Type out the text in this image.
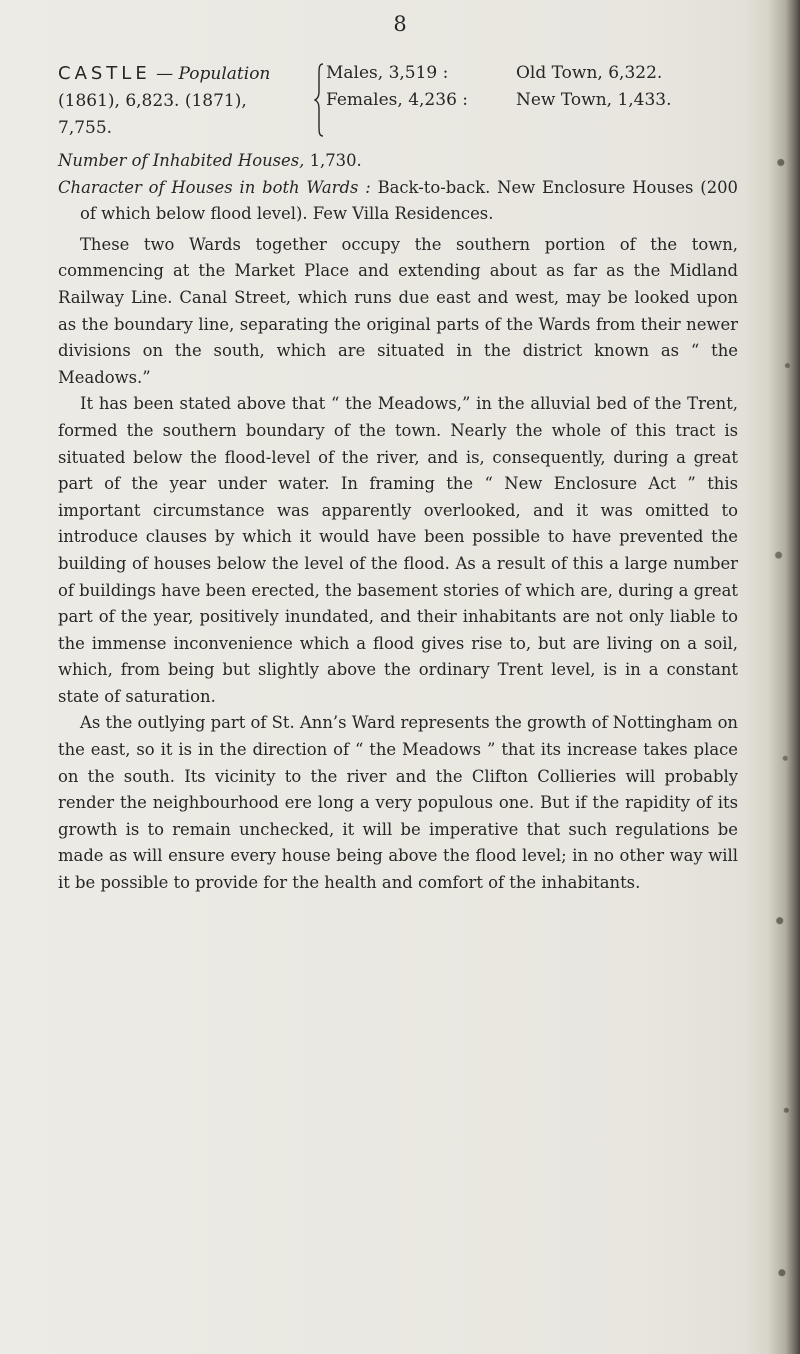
8
CASTLE — Population
(1861), 6,823. (1871),
7,755.
Males, 3,519 :	Old Town, 6,322.
Females, 4,236 :	New Town, 1,433.

Number of Inhabited Houses, 1,730.

Character of Houses in both Wards : Back-to-back. New Enclosure Houses (200 of which below flood level). Few Villa Residences.

These two Wards together occupy the southern portion of the town, commencing at the Market Place and extending about as far as the Midland Railway Line. Canal Street, which runs due east and west, may be looked upon as the boundary line, separating the original parts of the Wards from their newer divisions on the south, which are situated in the district known as “ the Meadows.”

It has been stated above that “ the Meadows,” in the alluvial bed of the Trent, formed the southern boundary of the town. Nearly the whole of this tract is situated below the flood-level of the river, and is, consequently, during a great part of the year under water. In framing the “ New Enclosure Act ” this important circumstance was apparently overlooked, and it was omitted to introduce clauses by which it would have been possible to have prevented the building of houses below the level of the flood. As a result of this a large number of buildings have been erected, the basement stories of which are, during a great part of the year, positively inundated, and their inhabitants are not only liable to the immense inconvenience which a flood gives rise to, but are living on a soil, which, from being but slightly above the ordinary Trent level, is in a constant state of saturation.

As the outlying part of St. Ann’s Ward represents the growth of Nottingham on the east, so it is in the direction of “ the Meadows ” that its increase takes place on the south. Its vicinity to the river and the Clifton Collieries will probably render the neighbourhood ere long a very populous one. But if the rapidity of its growth is to remain unchecked, it will be imperative that such regulations be made as will ensure every house being above the flood level; in no other way will it be possible to provide for the health and comfort of the inhabitants.
